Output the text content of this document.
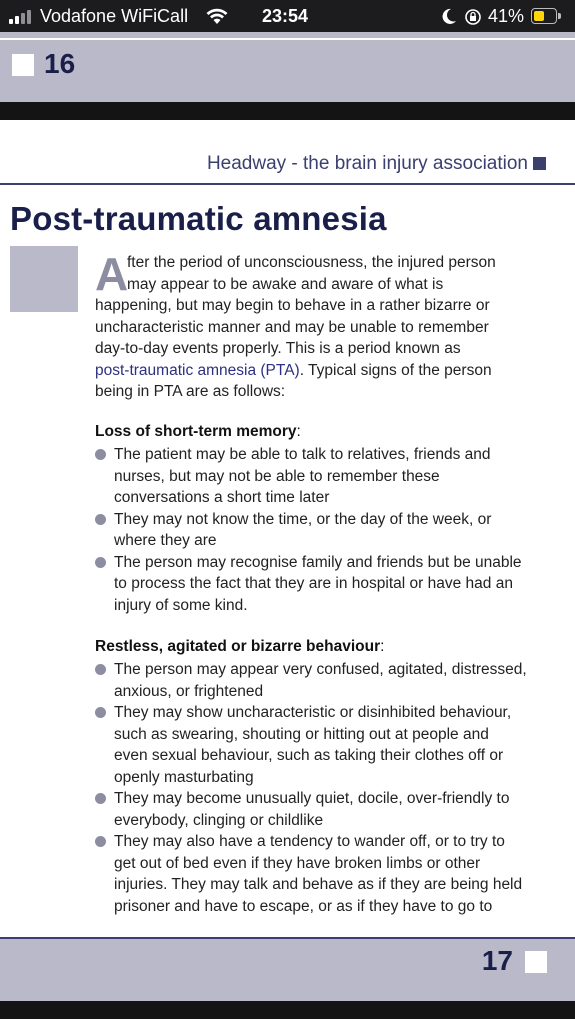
Vodafone WiFiCall	23:54	41%
16
Headway - the brain injury association
Post-traumatic amnesia
A
fter the period of unconsciousness, the injured person
may appear to be awake and aware of what is
happening, but may begin to behave in a rather bizarre or
uncharacteristic manner and may be unable to remember
day-to-day events properly. This is a period known as
post-traumatic amnesia (PTA). Typical signs of the person
being in PTA are as follows:
Loss of short-term memory:
The patient may be able to talk to relatives, friends and
nurses, but may not be able to remember these
conversations a short time later
They may not know the time, or the day of the week, or
where they are
The person may recognise family and friends but be unable
to process the fact that they are in hospital or have had an
injury of some kind.
Restless, agitated or bizarre behaviour:
The person may appear very confused, agitated, distressed,
anxious, or frightened
They may show uncharacteristic or disinhibited behaviour,
such as swearing, shouting or hitting out at people and
even sexual behaviour, such as taking their clothes off or
openly masturbating
They may become unusually quiet, docile, over-friendly to
everybody, clinging or childlike
They may also have a tendency to wander off, or to try to
get out of bed even if they have broken limbs or other
injuries. They may talk and behave as if they are being held
prisoner and have to escape, or as if they have to go to
17
